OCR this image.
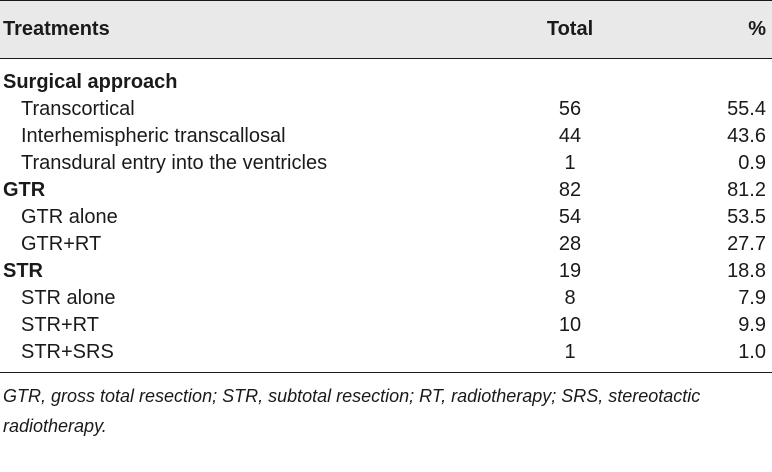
Treatments	Total	%
Surgical approach
Transcortical	56	55.4
Interhemispheric transcallosal	44	43.6
Transdural entry into the ventricles	1	0.9
GTR	82	81.2
GTR alone	54	53.5
GTR+RT	28	27.7
STR	19	18.8
STR alone	8	7.9
STR+RT	10	9.9
STR+SRS	1	1.0
GTR, gross total resection; STR, subtotal resection; RT, radiotherapy; SRS, stereotactic radiotherapy.
